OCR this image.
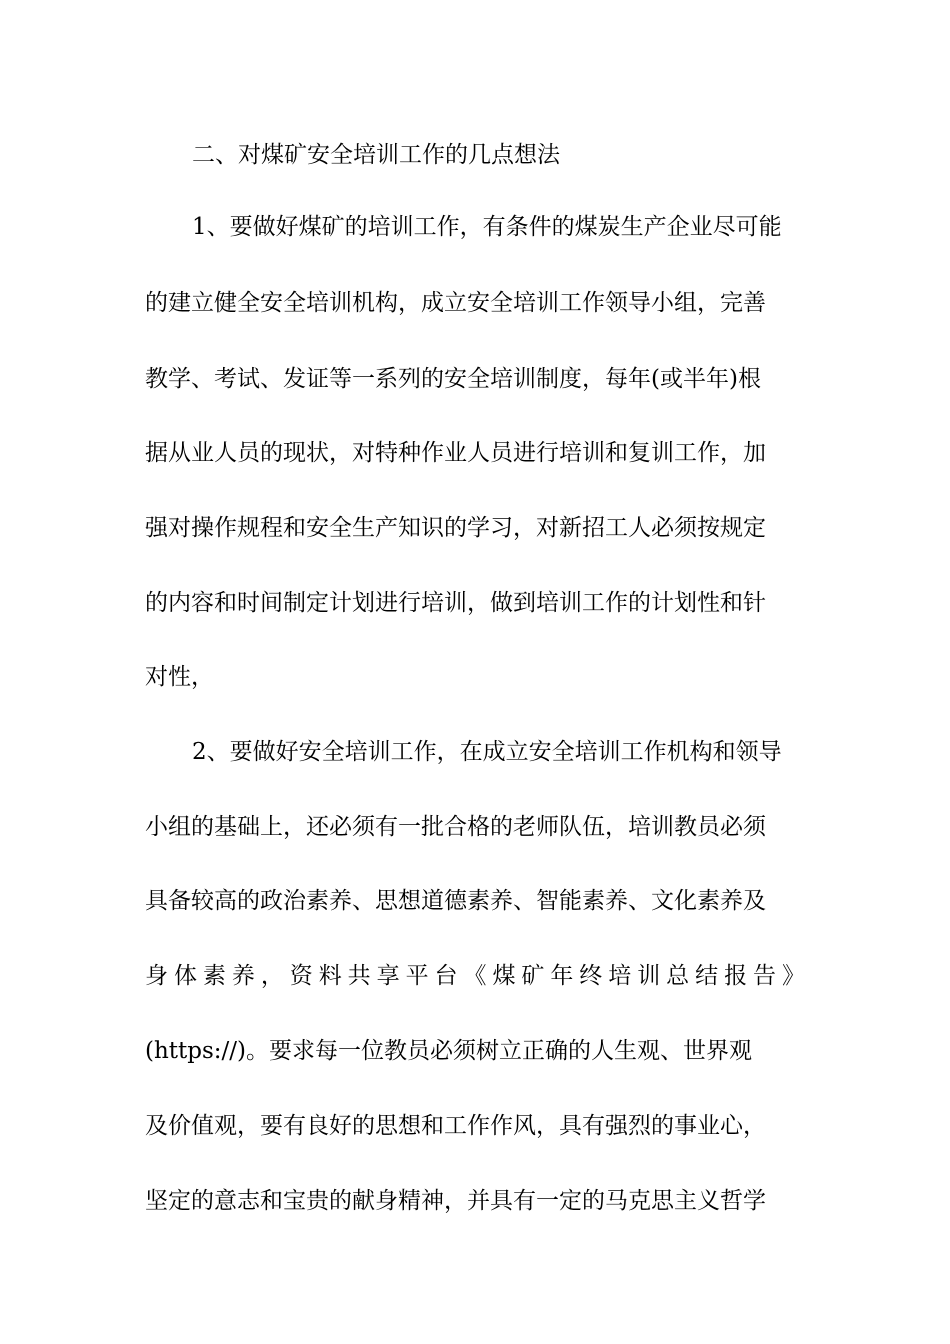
二、对煤矿安全培训工作的几点想法
1、要做好煤矿的培训工作，有条件的煤炭生产企业尽可能
的建立健全安全培训机构，成立安全培训工作领导小组，完善
教学、考试、发证等一系列的安全培训制度，每年(或半年)根
据从业人员的现状，对特种作业人员进行培训和复训工作，加
强对操作规程和安全生产知识的学习，对新招工人必须按规定
的内容和时间制定计划进行培训，做到培训工作的计划性和针
对性，
2、要做好安全培训工作，在成立安全培训工作机构和领导
小组的基础上，还必须有一批合格的老师队伍，培训教员必须
具备较高的政治素养、思想道德素养、智能素养、文化素养及
身 体 素 养 ， 资 料 共 享 平 台 《 煤 矿 年 终 培 训 总 结 报 告 》
(https://)。要求每一位教员必须树立正确的人生观、世界观
及价值观，要有良好的思想和工作作风，具有强烈的事业心，
坚定的意志和宝贵的献身精神，并具有一定的马克思主义哲学
